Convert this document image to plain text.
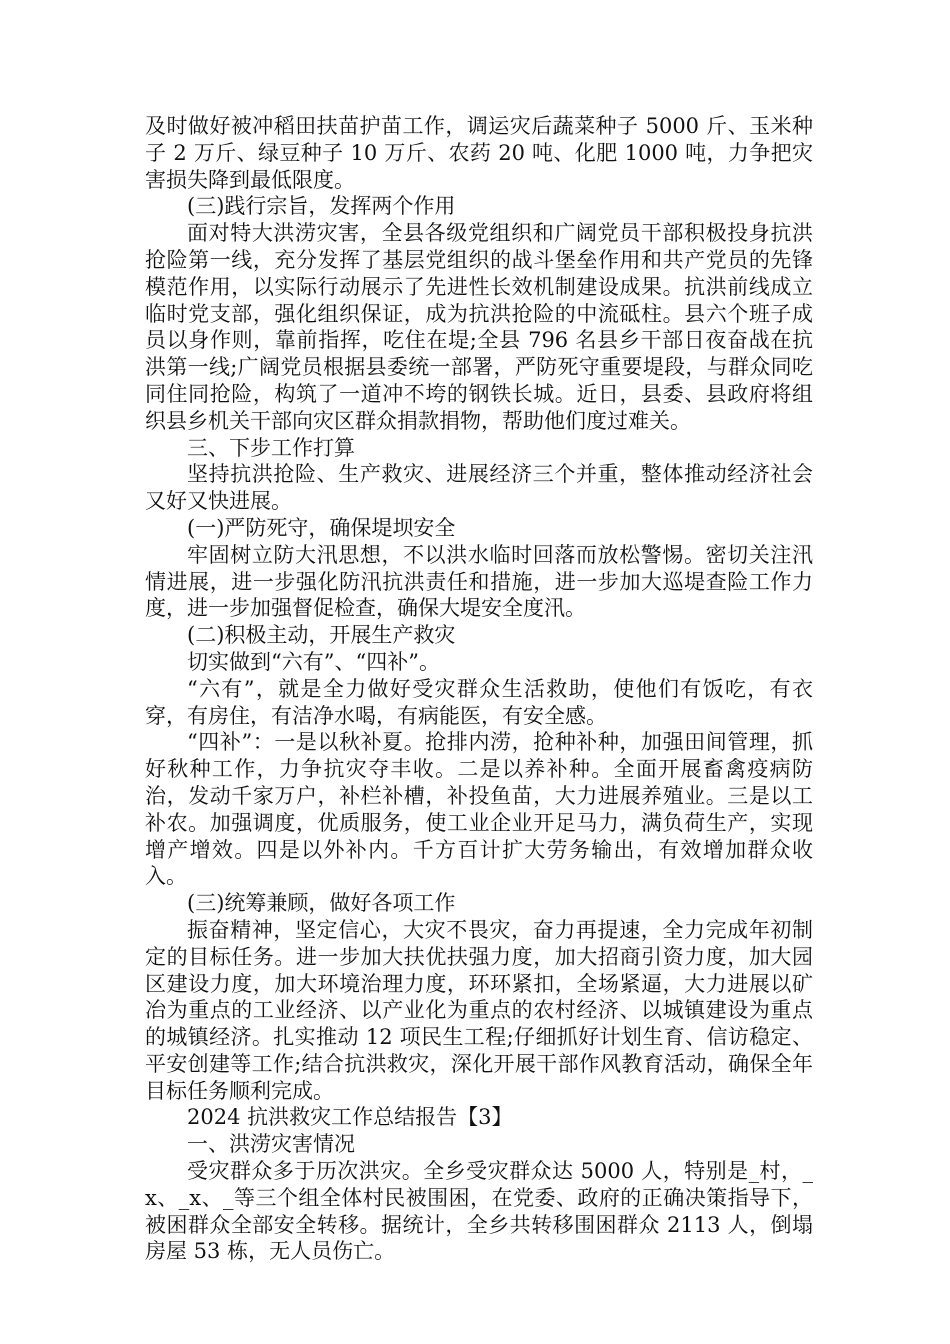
及时做好被冲稻田扶苗护苗工作，调运灾后蔬菜种子 5000 斤、玉米种子 2 万斤、绿豆种子 10 万斤、农药 20 吨、化肥 1000 吨，力争把灾害损失降到最低限度。

(三)践行宗旨，发挥两个作用

面对特大洪涝灾害，全县各级党组织和广阔党员干部积极投身抗洪抢险第一线，充分发挥了基层党组织的战斗堡垒作用和共产党员的先锋模范作用，以实际行动展示了先进性长效机制建设成果。抗洪前线成立临时党支部，强化组织保证，成为抗洪抢险的中流砥柱。县六个班子成员以身作则，靠前指挥，吃住在堤;全县 796 名县乡干部日夜奋战在抗洪第一线;广阔党员根据县委统一部署，严防死守重要堤段，与群众同吃同住同抢险，构筑了一道冲不垮的钢铁长城。近日，县委、县政府将组织县乡机关干部向灾区群众捐款捐物，帮助他们度过难关。

三、下步工作打算

坚持抗洪抢险、生产救灾、进展经济三个并重，整体推动经济社会又好又快进展。

(一)严防死守，确保堤坝安全

牢固树立防大汛思想，不以洪水临时回落而放松警惕。密切关注汛情进展，进一步强化防汛抗洪责任和措施，进一步加大巡堤查险工作力度，进一步加强督促检查，确保大堤安全度汛。

(二)积极主动，开展生产救灾

切实做到“六有”、“四补”。

“六有”，就是全力做好受灾群众生活救助，使他们有饭吃，有衣穿，有房住，有洁净水喝，有病能医，有安全感。

“四补”：一是以秋补夏。抢排内涝，抢种补种，加强田间管理，抓好秋种工作，力争抗灾夺丰收。二是以养补种。全面开展畜禽疫病防治，发动千家万户，补栏补槽，补投鱼苗，大力进展养殖业。三是以工补农。加强调度，优质服务，使工业企业开足马力，满负荷生产，实现增产增效。四是以外补内。千方百计扩大劳务输出，有效增加群众收入。

(三)统筹兼顾，做好各项工作

振奋精神，坚定信心，大灾不畏灾，奋力再提速，全力完成年初制定的目标任务。进一步加大扶优扶强力度，加大招商引资力度，加大园区建设力度，加大环境治理力度，环环紧扣，全场紧逼，大力进展以矿冶为重点的工业经济、以产业化为重点的农村经济、以城镇建设为重点的城镇经济。扎实推动 12 项民生工程;仔细抓好计划生育、信访稳定、平安创建等工作;结合抗洪救灾，深化开展干部作风教育活动，确保全年目标任务顺利完成。

2024 抗洪救灾工作总结报告【3】

一、洪涝灾害情况

受灾群众多于历次洪灾。全乡受灾群众达 5000 人，特别是_村，_x、_x、_等三个组全体村民被围困，在党委、政府的正确决策指导下，被困群众全部安全转移。据统计，全乡共转移围困群众 2113 人，倒塌房屋 53 栋，无人员伤亡。
